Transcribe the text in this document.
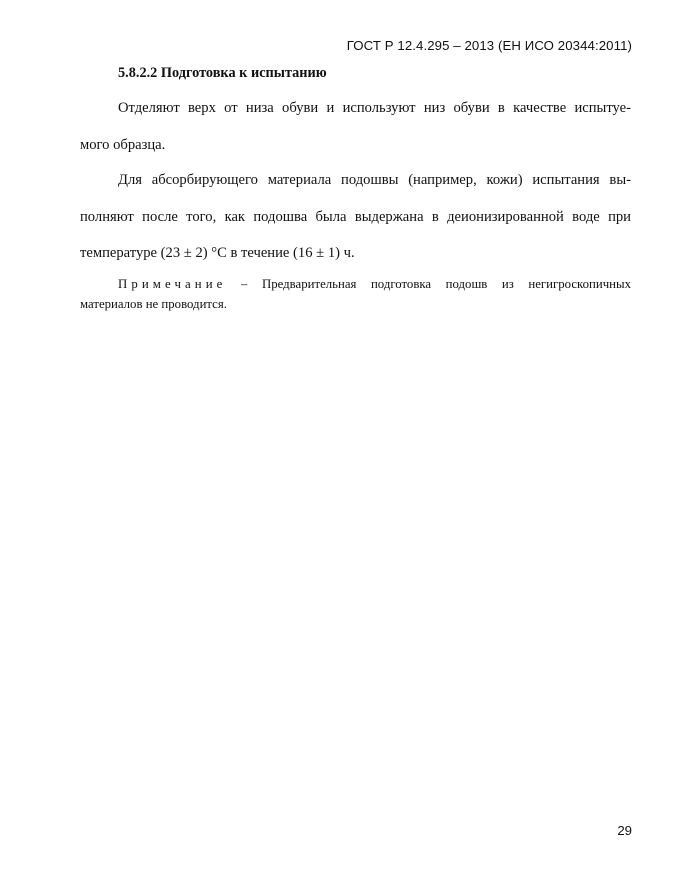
ГОСТ Р 12.4.295 – 2013 (ЕН ИСО 20344:2011)
5.8.2.2 Подготовка к испытанию
Отделяют верх от низа обуви и используют низ обуви в качестве испытуе-
мого образца.
Для абсорбирующего материала подошвы (например, кожи) испытания вы-
полняют после того, как подошва была выдержана в деионизированной воде при
температуре (23 ± 2) °С в течение (16 ± 1) ч.
Примечание – Предварительная подготовка подошв из негигроскопичных
материалов не проводится.
29
